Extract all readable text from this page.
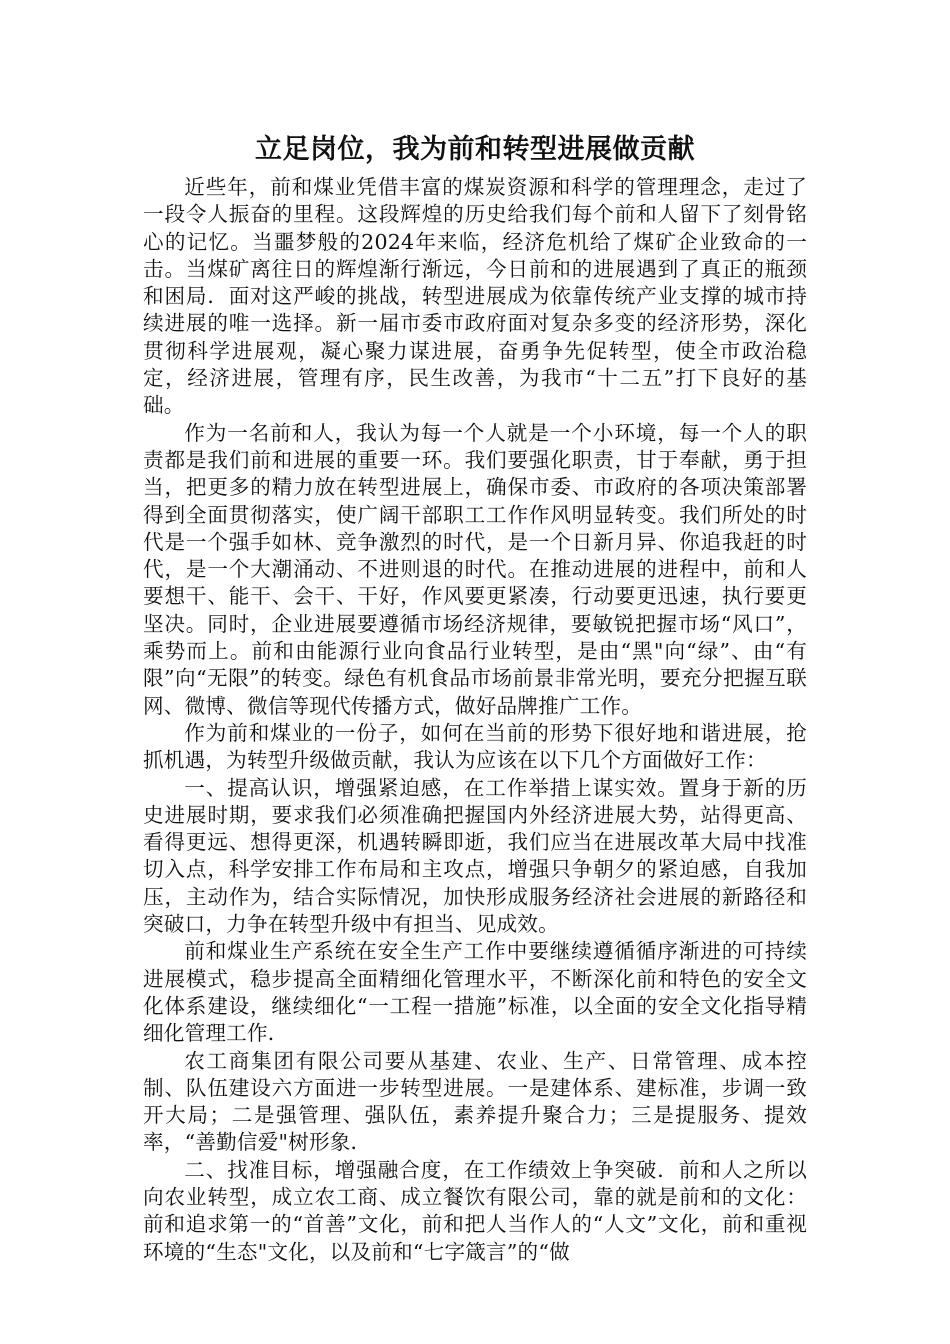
立足岗位，我为前和转型进展做贡献

近些年，前和煤业凭借丰富的煤炭资源和科学的管理理念，走过了一段令人振奋的里程。这段辉煌的历史给我们每个前和人留下了刻骨铭心的记忆。当噩梦般的2024年来临，经济危机给了煤矿企业致命的一击。当煤矿离往日的辉煌渐行渐远，今日前和的进展遇到了真正的瓶颈和困局．面对这严峻的挑战，转型进展成为依靠传统产业支撑的城市持续进展的唯一选择。新一届市委市政府面对复杂多变的经济形势，深化贯彻科学进展观，凝心聚力谋进展，奋勇争先促转型，使全市政治稳定，经济进展，管理有序，民生改善，为我市“十二五”打下良好的基础。

作为一名前和人，我认为每一个人就是一个小环境，每一个人的职责都是我们前和进展的重要一环。我们要强化职责，甘于奉献，勇于担当，把更多的精力放在转型进展上，确保市委、市政府的各项决策部署得到全面贯彻落实，使广阔干部职工工作作风明显转变。我们所处的时代是一个强手如林、竞争激烈的时代，是一个日新月异、你追我赶的时代，是一个大潮涌动、不进则退的时代。在推动进展的进程中，前和人要想干、能干、会干、干好，作风要更紧凑，行动要更迅速，执行要更坚决。同时，企业进展要遵循市场经济规律，要敏锐把握市场“风口”，乘势而上。前和由能源行业向食品行业转型，是由“黑"向“绿”、由“有限”向“无限”的转变。绿色有机食品市场前景非常光明，要充分把握互联网、微博、微信等现代传播方式，做好品牌推广工作。

作为前和煤业的一份子，如何在当前的形势下很好地和谐进展，抢抓机遇，为转型升级做贡献，我认为应该在以下几个方面做好工作：

一、提高认识，增强紧迫感，在工作举措上谋实效。置身于新的历史进展时期，要求我们必须准确把握国内外经济进展大势，站得更高、看得更远、想得更深，机遇转瞬即逝，我们应当在进展改革大局中找准切入点，科学安排工作布局和主攻点，增强只争朝夕的紧迫感，自我加压，主动作为，结合实际情况，加快形成服务经济社会进展的新路径和突破口，力争在转型升级中有担当、见成效。

前和煤业生产系统在安全生产工作中要继续遵循循序渐进的可持续进展模式，稳步提高全面精细化管理水平，不断深化前和特色的安全文化体系建设，继续细化“一工程一措施”标准，以全面的安全文化指导精细化管理工作．

农工商集团有限公司要从基建、农业、生产、日常管理、成本控制、队伍建设六方面进一步转型进展。一是建体系、建标准，步调一致开大局；二是强管理、强队伍，素养提升聚合力；三是提服务、提效率，“善勤信爱"树形象．

二、找准目标，增强融合度，在工作绩效上争突破．前和人之所以向农业转型，成立农工商、成立餐饮有限公司，靠的就是前和的文化：前和追求第一的“首善”文化，前和把人当作人的“人文”文化，前和重视环境的“生态"文化，以及前和“七字箴言”的“做
